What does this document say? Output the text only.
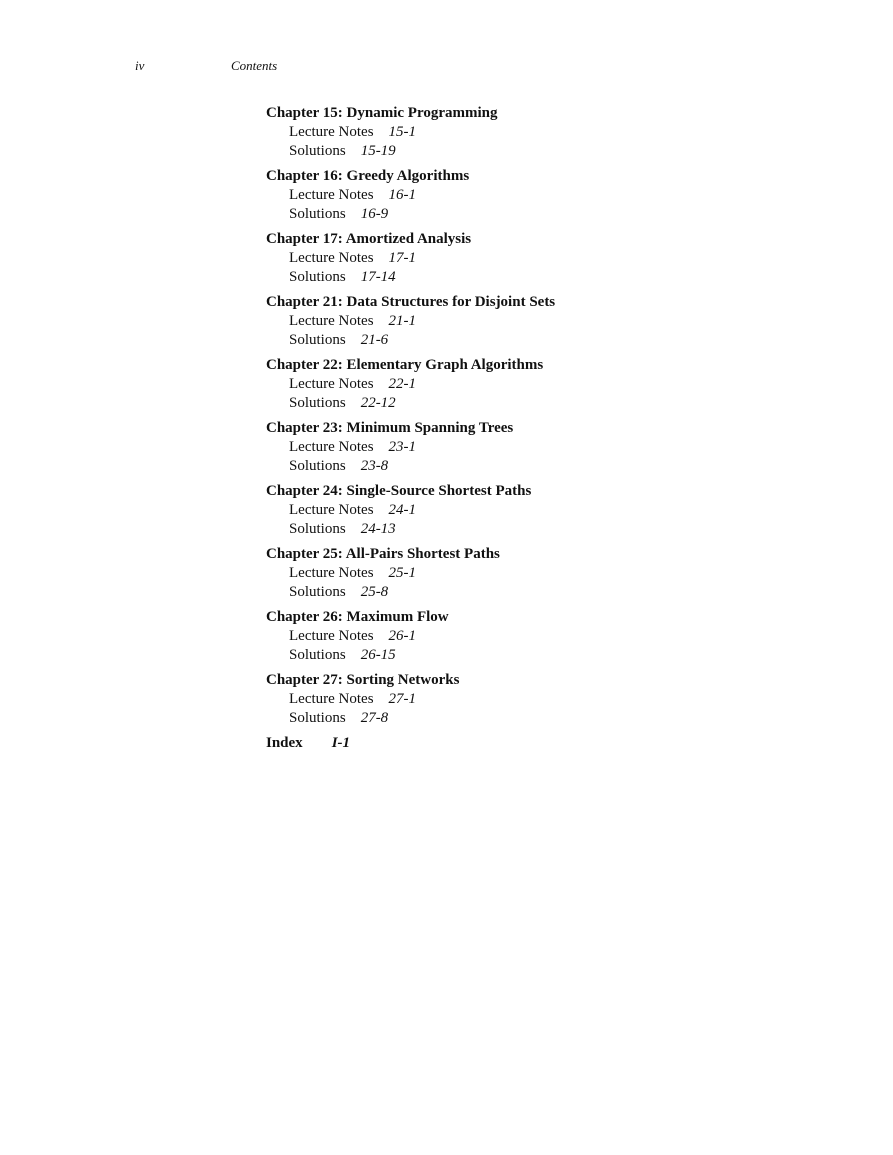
iv	Contents
Chapter 15: Dynamic Programming
Lecture Notes 15-1
Solutions 15-19
Chapter 16: Greedy Algorithms
Lecture Notes 16-1
Solutions 16-9
Chapter 17: Amortized Analysis
Lecture Notes 17-1
Solutions 17-14
Chapter 21: Data Structures for Disjoint Sets
Lecture Notes 21-1
Solutions 21-6
Chapter 22: Elementary Graph Algorithms
Lecture Notes 22-1
Solutions 22-12
Chapter 23: Minimum Spanning Trees
Lecture Notes 23-1
Solutions 23-8
Chapter 24: Single-Source Shortest Paths
Lecture Notes 24-1
Solutions 24-13
Chapter 25: All-Pairs Shortest Paths
Lecture Notes 25-1
Solutions 25-8
Chapter 26: Maximum Flow
Lecture Notes 26-1
Solutions 26-15
Chapter 27: Sorting Networks
Lecture Notes 27-1
Solutions 27-8
Index I-1
